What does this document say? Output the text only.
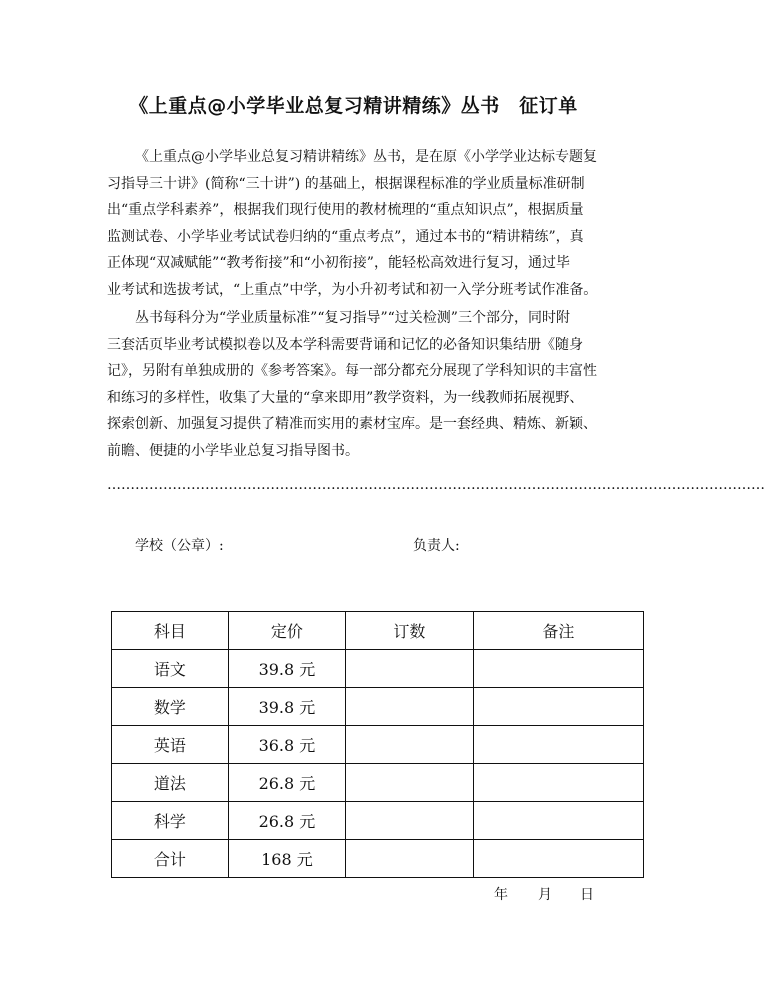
《上重点@小学毕业总复习精讲精练》丛书　征订单
《上重点@小学毕业总复习精讲精练》丛书，是在原《小学学业达标专题复
习指导三十讲》(简称“三十讲”) 的基础上，根据课程标准的学业质量标准研制
出“重点学科素养”，根据我们现行使用的教材梳理的“重点知识点”，根据质量
监测试卷、小学毕业考试试卷归纳的“重点考点”，通过本书的“精讲精练”，真
正体现“双减赋能”“教考衔接”和“小初衔接”，能轻松高效进行复习，通过毕
业考试和选拔考试，“上重点”中学，为小升初考试和初一入学分班考试作准备。
丛书每科分为“学业质量标准”“复习指导”“过关检测”三个部分，同时附
三套活页毕业考试模拟卷以及本学科需要背诵和记忆的必备知识集结册《随身
记》，另附有单独成册的《参考答案》。每一部分都充分展现了学科知识的丰富性
和练习的多样性，收集了大量的“拿来即用”教学资料，为一线教师拓展视野、
探索创新、加强复习提供了精准而实用的素材宝库。是一套经典、精炼、新颖、
前瞻、便捷的小学毕业总复习指导图书。
……………………………………………………………………………………………………………………………
学校（公章）:	负责人:
科目	定价	订数	备注
语文	39.8 元		
数学	39.8 元		
英语	36.8 元		
道法	26.8 元		
科学	26.8 元		
合计	168 元		
年 月 日
